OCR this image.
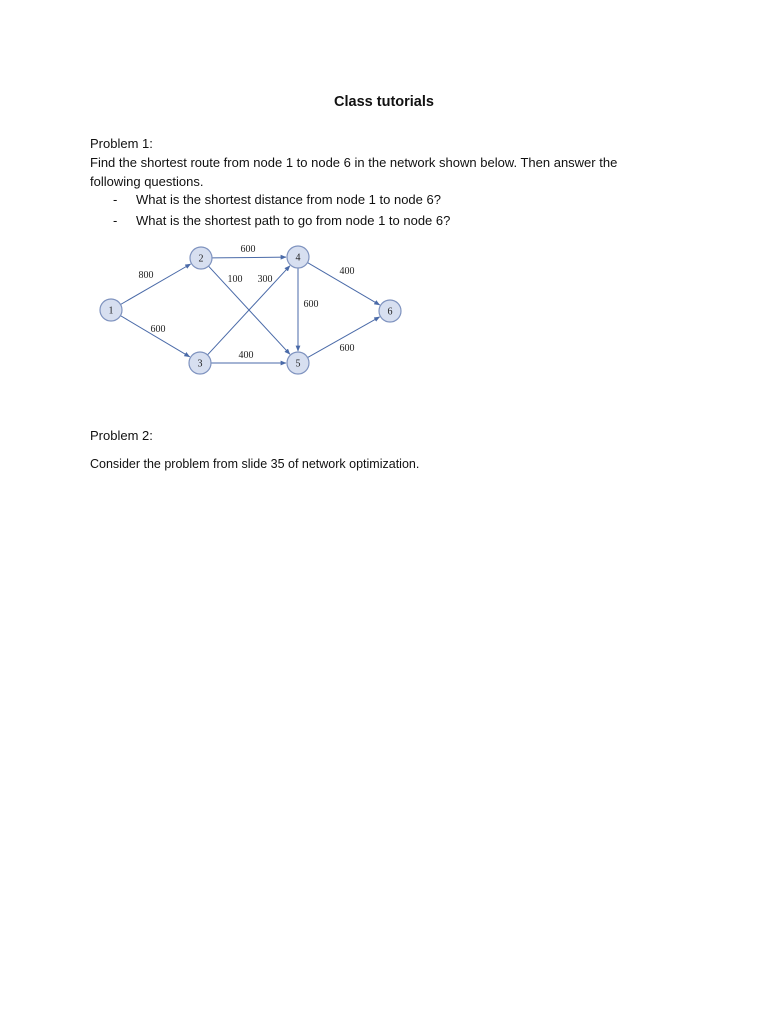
Class tutorials
Problem 1:
Find the shortest route from node 1 to node 6 in the network shown below. Then answer the
following questions.
- What is the shortest distance from node 1 to node 6?
- What is the shortest path to go from node 1 to node 6?
800
600
600
100 300
400
600
400
600
1
2
3
4
5
6
Problem 2:
Consider the problem from slide 35 of network optimization.
